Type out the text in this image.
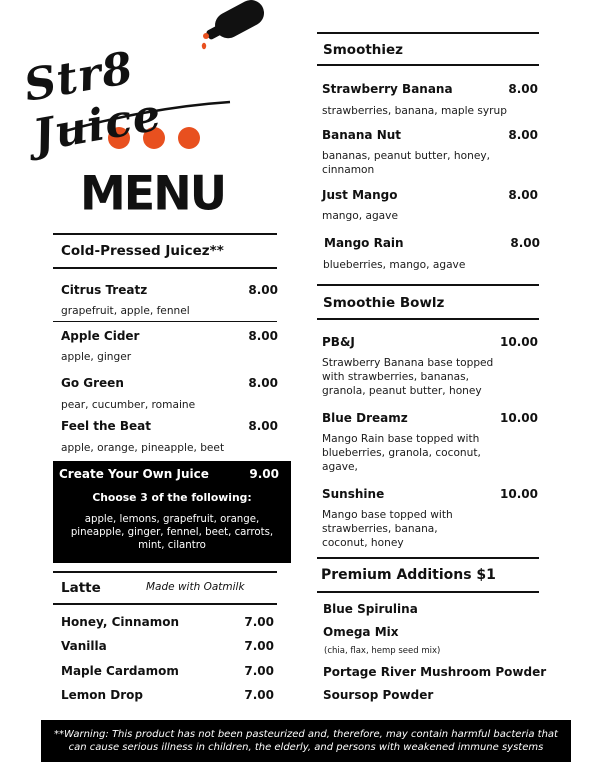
Str8 Juice
MENU
Cold-Pressed Juicez**
Citrus Treatz	8.00
grapefruit, apple, fennel
Apple Cider	8.00
apple, ginger
Go Green	8.00
pear, cucumber, romaine
Feel the Beat	8.00
apple, orange, pineapple, beet
Create Your Own Juice	9.00
Choose 3 of the following:
apple, lemons, grapefruit, orange, pineapple, ginger, fennel, beet, carrots, mint, cilantro
Latte	Made with Oatmilk
Honey, Cinnamon	7.00
Vanilla	7.00
Maple Cardamom	7.00
Lemon Drop	7.00
Smoothiez
Strawberry Banana	8.00
strawberries, banana, maple syrup
Banana Nut	8.00
bananas, peanut butter, honey, cinnamon
Just Mango	8.00
mango, agave
Mango Rain	8.00
blueberries, mango, agave
Smoothie Bowlz
PB&J	10.00
Strawberry Banana base topped with strawberries, bananas, granola, peanut butter, honey
Blue Dreamz	10.00
Mango Rain base topped with blueberries, granola, coconut, agave,
Sunshine	10.00
Mango base topped with strawberries, banana, coconut, honey
Premium Additions $1
Blue Spirulina
Omega Mix
(chia, flax, hemp seed mix)
Portage River Mushroom Powder
Soursop Powder
**Warning: This product has not been pasteurized and, therefore, may contain harmful bacteria that can cause serious illness in children, the elderly, and persons with weakened immune systems
